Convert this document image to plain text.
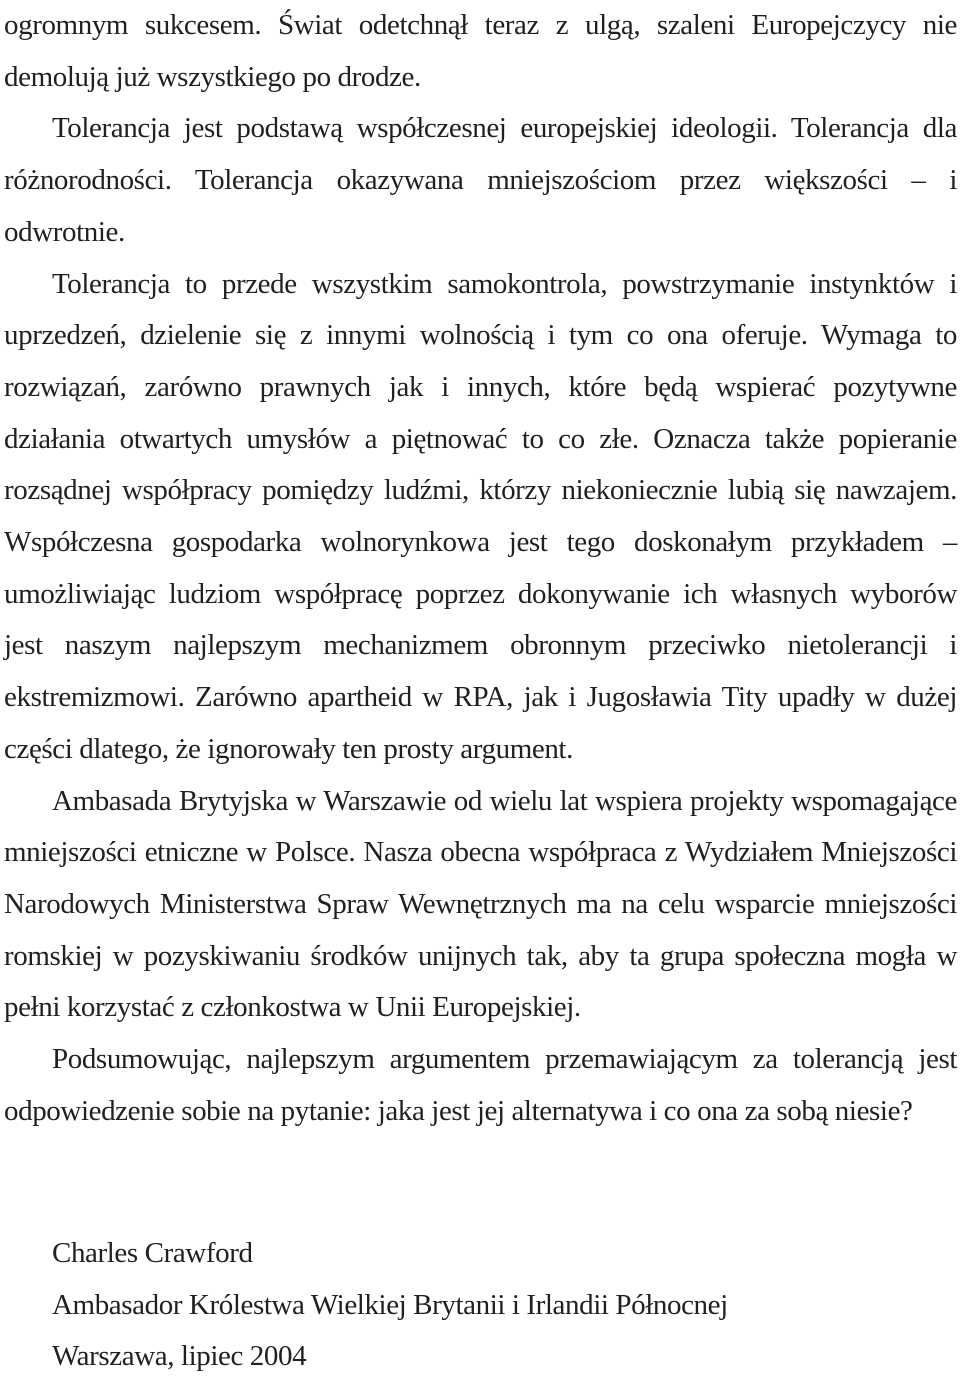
ogromnym sukcesem. Świat odetchnął teraz z ulgą, szaleni Europejczycy nie demolują już wszystkiego po drodze.

Tolerancja jest podstawą współczesnej europejskiej ideologii. Tolerancja dla różnorodności. Tolerancja okazywana mniejszościom przez większości – i odwrotnie.

Tolerancja to przede wszystkim samokontrola, powstrzymanie instynktów i uprzedzeń, dzielenie się z innymi wolnością i tym co ona oferuje. Wymaga to rozwiązań, zarówno prawnych jak i innych, które będą wspierać pozytywne działania otwartych umysłów a piętnować to co złe. Oznacza także popieranie rozsądnej współpracy pomiędzy ludźmi, którzy niekoniecznie lubią się nawzajem. Współczesna gospodarka wolnorynkowa jest tego doskonałym przykładem – umożliwiając ludziom współpracę poprzez dokonywanie ich własnych wyborów jest naszym najlepszym mechanizmem obronnym przeciwko nietolerancji i ekstremizmowi. Zarówno apartheid w RPA, jak i Jugosławia Tity upadły w dużej części dlatego, że ignorowały ten prosty argument.

Ambasada Brytyjska w Warszawie od wielu lat wspiera projekty wspomagające mniejszości etniczne w Polsce. Nasza obecna współpraca z Wydziałem Mniejszości Narodowych Ministerstwa Spraw Wewnętrznych ma na celu wsparcie mniejszości romskiej w pozyskiwaniu środków unijnych tak, aby ta grupa społeczna mogła w pełni korzystać z członkostwa w Unii Europejskiej.

Podsumowując, najlepszym argumentem przemawiającym za tolerancją jest odpowiedzenie sobie na pytanie: jaka jest jej alternatywa i co ona za sobą niesie?

Charles Crawford
Ambasador Królestwa Wielkiej Brytanii i Irlandii Północnej
Warszawa, lipiec 2004
